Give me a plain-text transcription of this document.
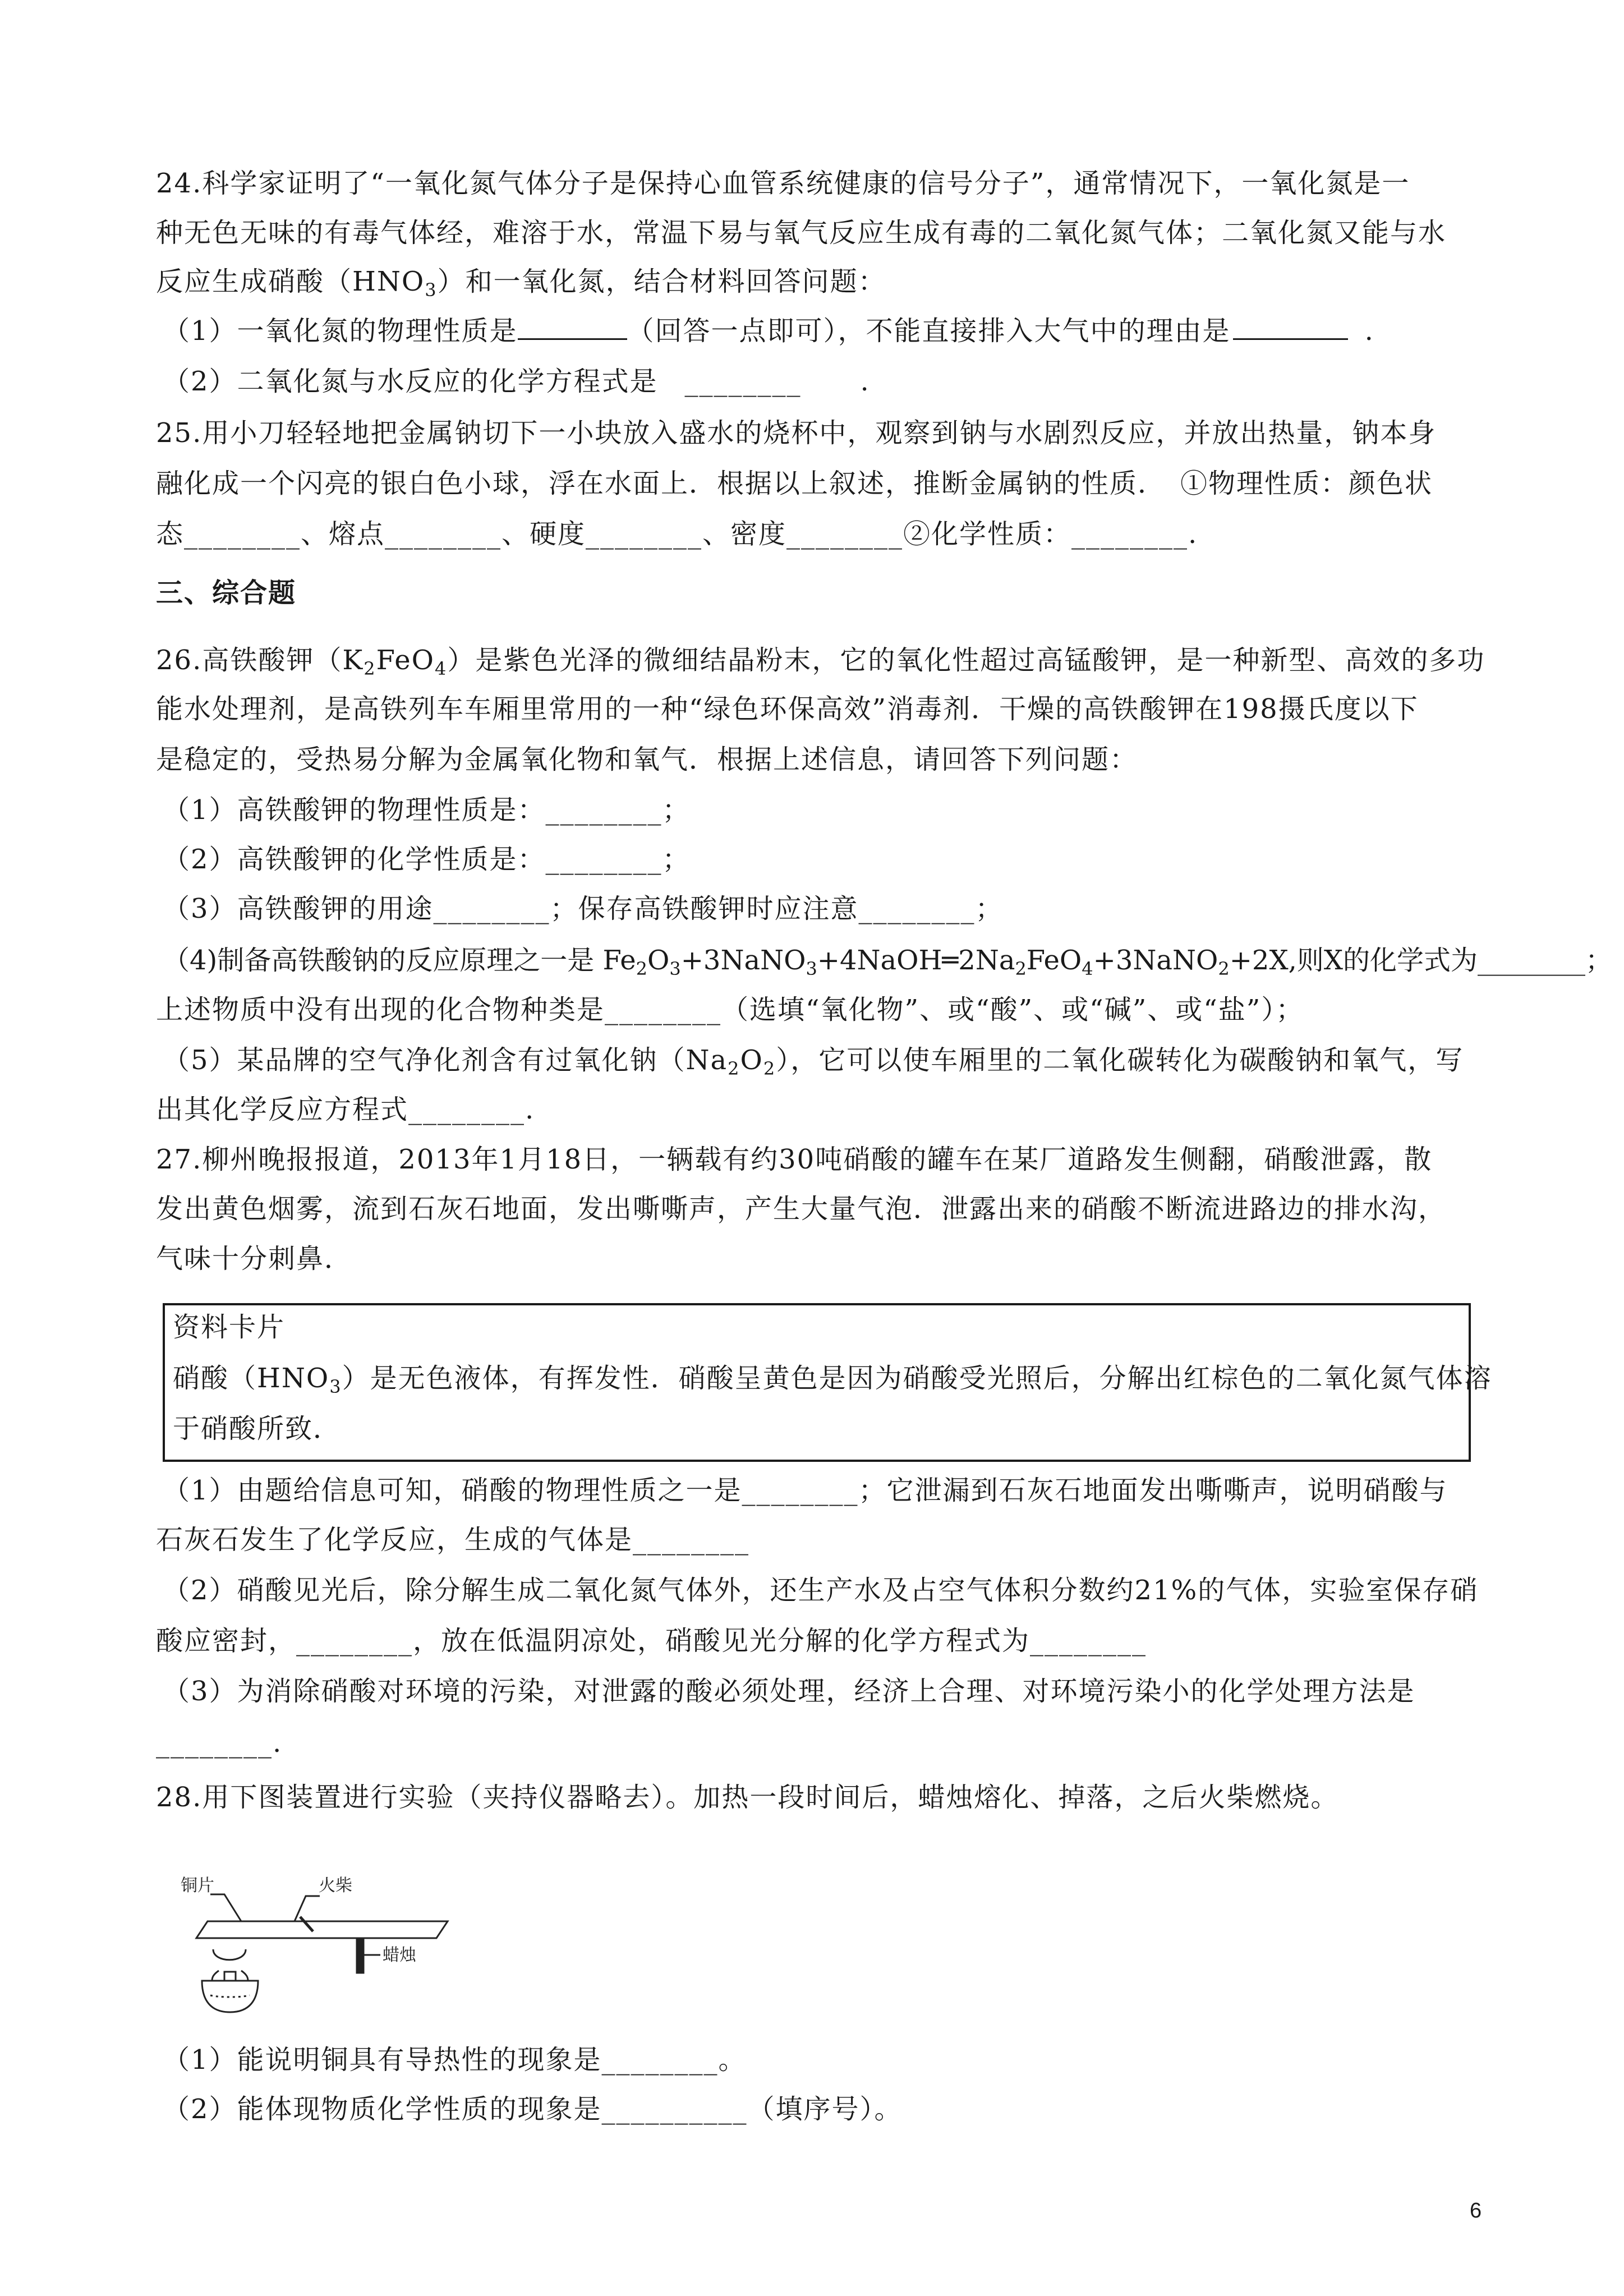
24.科学家证明了“一氧化氮气体分子是保持心血管系统健康的信号分子”，通常情况下，一氧化氮是一
种无色无味的有毒气体经，难溶于水，常温下易与氧气反应生成有毒的二氧化氮气体；二氧化氮又能与水
反应生成硝酸$(HNO_3)$和一氧化氮，结合材料回答问题：
（1）一氧化氮的物理性质是	（回答一点即可），不能直接排入大气中的理由是	.
（2）二氧化氮与水反应的化学方程式是 ________ .
25.用小刀轻轻地把金属钠切下一小块放入盛水的烧杯中，观察到钠与水剧烈反应，并放出热量，钠本身
融化成一个闪亮的银白色小球，浮在水面上．根据以上叙述，推断金属钠的性质．　①物理性质：颜色状
态________、熔点________、硬度________、密度________②化学性质：________.
三、综合题
26.高铁酸钾$(K_2FeO_4)$是紫色光泽的微细结晶粉末，它的氧化性超过高锰酸钾，是一种新型、高效的多功
能水处理剂，是高铁列车车厢里常用的一种“绿色环保高效”消毒剂．干燥的高铁酸钾在198摄氏度以下
是稳定的，受热易分解为金属氧化物和氧气．根据上述信息，请回答下列问题：
（1）高铁酸钾的物理性质是：________；
（2）高铁酸钾的化学性质是：________；
（3）高铁酸钾的用途________；保存高铁酸钾时应注意________；
（4)制备高铁酸钠的反应原理之一是 $Fe_2O_3+3NaNO_3+4NaOH═2Na_2FeO_4+3NaNO_2+2X$,则X的化学式为________；
上述物质中没有出现的化合物种类是________（选填“氧化物”、或“酸”、或“碱”、或“盐”）；
（5）某品牌的空气净化剂含有过氧化钠$(Na_2O_2)$，它可以使车厢里的二氧化碳转化为碳酸钠和氧气，写
出其化学反应方程式________.
27.柳州晚报报道，2013年1月18日，一辆载有约30吨硝酸的罐车在某厂道路发生侧翻，硝酸泄露，散
发出黄色烟雾，流到石灰石地面，发出嘶嘶声，产生大量气泡．泄露出来的硝酸不断流进路边的排水沟，
气味十分刺鼻．
资料卡片
硝酸$(HNO_3)$是无色液体，有挥发性．硝酸呈黄色是因为硝酸受光照后，分解出红棕色的二氧化氮气体溶
于硝酸所致．
（1）由题给信息可知，硝酸的物理性质之一是________；它泄漏到石灰石地面发出嘶嘶声，说明硝酸与
石灰石发生了化学反应，生成的气体是________
（2）硝酸见光后，除分解生成二氧化氮气体外，还生产水及占空气体积分数约21%的气体，实验室保存硝
酸应密封，________，放在低温阴凉处，硝酸见光分解的化学方程式为________
（3）为消除硝酸对环境的污染，对泄露的酸必须处理，经济上合理、对环境污染小的化学处理方法是
________.
28.用下图装置进行实验（夹持仪器略去）。加热一段时间后，蜡烛熔化、掉落，之后火柴燃烧。
铜片	火柴
蜡烛
（1）能说明铜具有导热性的现象是________。
（2）能体现物质化学性质的现象是__________（填序号）。
6
